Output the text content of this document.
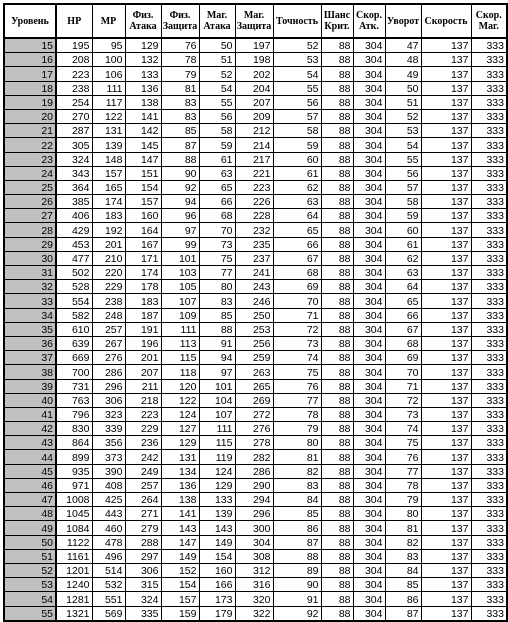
Уровень	HP	MP	Физ. Атака	Физ. Защита	Маг. Атака	Маг. Защита	Точность	Шанс Крит.	Скор. Атк.	Уворот	Скорость	Скор. Маг.
15	195	95	129	76	50	197	52	88	304	47	137	333
16	208	100	132	78	51	198	53	88	304	48	137	333
17	223	106	133	79	52	202	54	88	304	49	137	333
18	238	111	136	81	54	204	55	88	304	50	137	333
19	254	117	138	83	55	207	56	88	304	51	137	333
20	270	122	141	83	56	209	57	88	304	52	137	333
21	287	131	142	85	58	212	58	88	304	53	137	333
22	305	139	145	87	59	214	59	88	304	54	137	333
23	324	148	147	88	61	217	60	88	304	55	137	333
24	343	157	151	90	63	221	61	88	304	56	137	333
25	364	165	154	92	65	223	62	88	304	57	137	333
26	385	174	157	94	66	226	63	88	304	58	137	333
27	406	183	160	96	68	228	64	88	304	59	137	333
28	429	192	164	97	70	232	65	88	304	60	137	333
29	453	201	167	99	73	235	66	88	304	61	137	333
30	477	210	171	101	75	237	67	88	304	62	137	333
31	502	220	174	103	77	241	68	88	304	63	137	333
32	528	229	178	105	80	243	69	88	304	64	137	333
33	554	238	183	107	83	246	70	88	304	65	137	333
34	582	248	187	109	85	250	71	88	304	66	137	333
35	610	257	191	111	88	253	72	88	304	67	137	333
36	639	267	196	113	91	256	73	88	304	68	137	333
37	669	276	201	115	94	259	74	88	304	69	137	333
38	700	286	207	118	97	263	75	88	304	70	137	333
39	731	296	211	120	101	265	76	88	304	71	137	333
40	763	306	218	122	104	269	77	88	304	72	137	333
41	796	323	223	124	107	272	78	88	304	73	137	333
42	830	339	229	127	111	276	79	88	304	74	137	333
43	864	356	236	129	115	278	80	88	304	75	137	333
44	899	373	242	131	119	282	81	88	304	76	137	333
45	935	390	249	134	124	286	82	88	304	77	137	333
46	971	408	257	136	129	290	83	88	304	78	137	333
47	1008	425	264	138	133	294	84	88	304	79	137	333
48	1045	443	271	141	139	296	85	88	304	80	137	333
49	1084	460	279	143	143	300	86	88	304	81	137	333
50	1122	478	288	147	149	304	87	88	304	82	137	333
51	1161	496	297	149	154	308	88	88	304	83	137	333
52	1201	514	306	152	160	312	89	88	304	84	137	333
53	1240	532	315	154	166	316	90	88	304	85	137	333
54	1281	551	324	157	173	320	91	88	304	86	137	333
55	1321	569	335	159	179	322	92	88	304	87	137	333
